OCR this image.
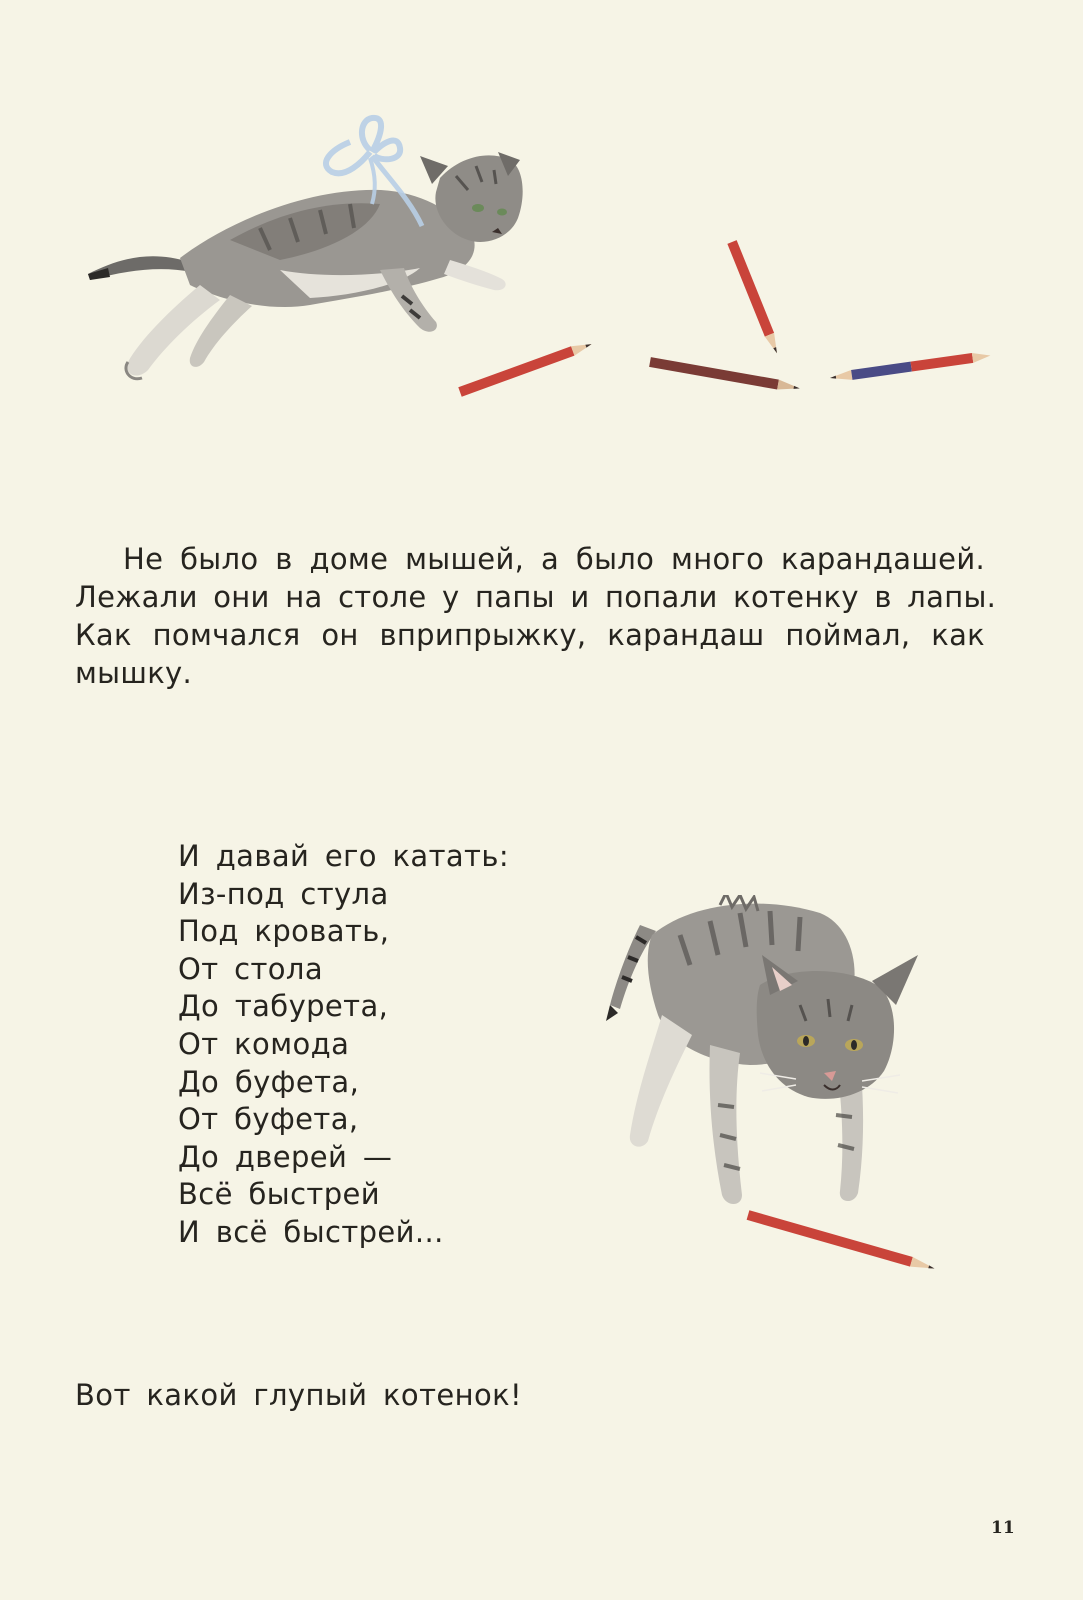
Не было в доме мышей, а было много карандашей.
Лежали они на столе у папы и попали котенку в лапы.
Как помчался он вприпрыжку, карандаш поймал, как
мышку.
И давай его катать:
Из-под стула
Под кровать,
От стола
До табурета,
От комода
До буфета,
От буфета,
До дверей —
Всё быстрей
И всё быстрей...
Вот какой глупый котенок!
11
